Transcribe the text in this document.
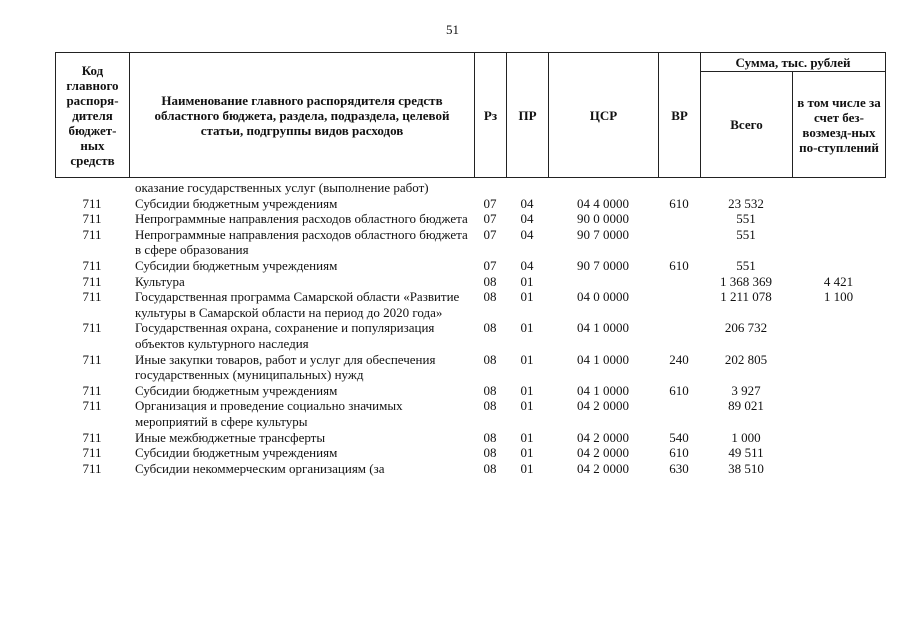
51
Код главного распоря-дителя бюджет-ных средств	Наименование главного распорядителя средств областного бюджета, раздела, подраздела, целевой статьи, подгруппы видов расходов	Рз	ПР	ЦСР	ВР	Сумма, тыс. рублей	
						Всего	в том числе за счет без-возмезд-ных по-ступлений
	оказание государственных услуг (выполнение работ)						
711	Субсидии бюджетным учреждениям	07	04	04 4 0000	610	23 532	
711	Непрограммные направления расходов областного бюджета	07	04	90 0 0000		551	
711	Непрограммные направления расходов областного бюджета в сфере образования	07	04	90 7 0000		551	
711	Субсидии бюджетным учреждениям	07	04	90 7 0000	610	551	
711	Культура	08	01			1 368 369	4 421
711	Государственная программа Самарской области «Развитие культуры в Самарской области на период до 2020 года»	08	01	04 0 0000		1 211 078	1 100
711	Государственная охрана, сохранение и популяризация объектов культурного наследия	08	01	04 1 0000		206 732	
711	Иные закупки товаров, работ и услуг для обеспечения государственных (муниципальных) нужд	08	01	04 1 0000	240	202 805	
711	Субсидии бюджетным учреждениям	08	01	04 1 0000	610	3 927	
711	Организация и проведение социально значимых мероприятий в сфере культуры	08	01	04 2 0000		89 021	
711	Иные межбюджетные трансферты	08	01	04 2 0000	540	1 000	
711	Субсидии бюджетным учреждениям	08	01	04 2 0000	610	49 511	
711	Субсидии некоммерческим организациям (за	08	01	04 2 0000	630	38 510	
